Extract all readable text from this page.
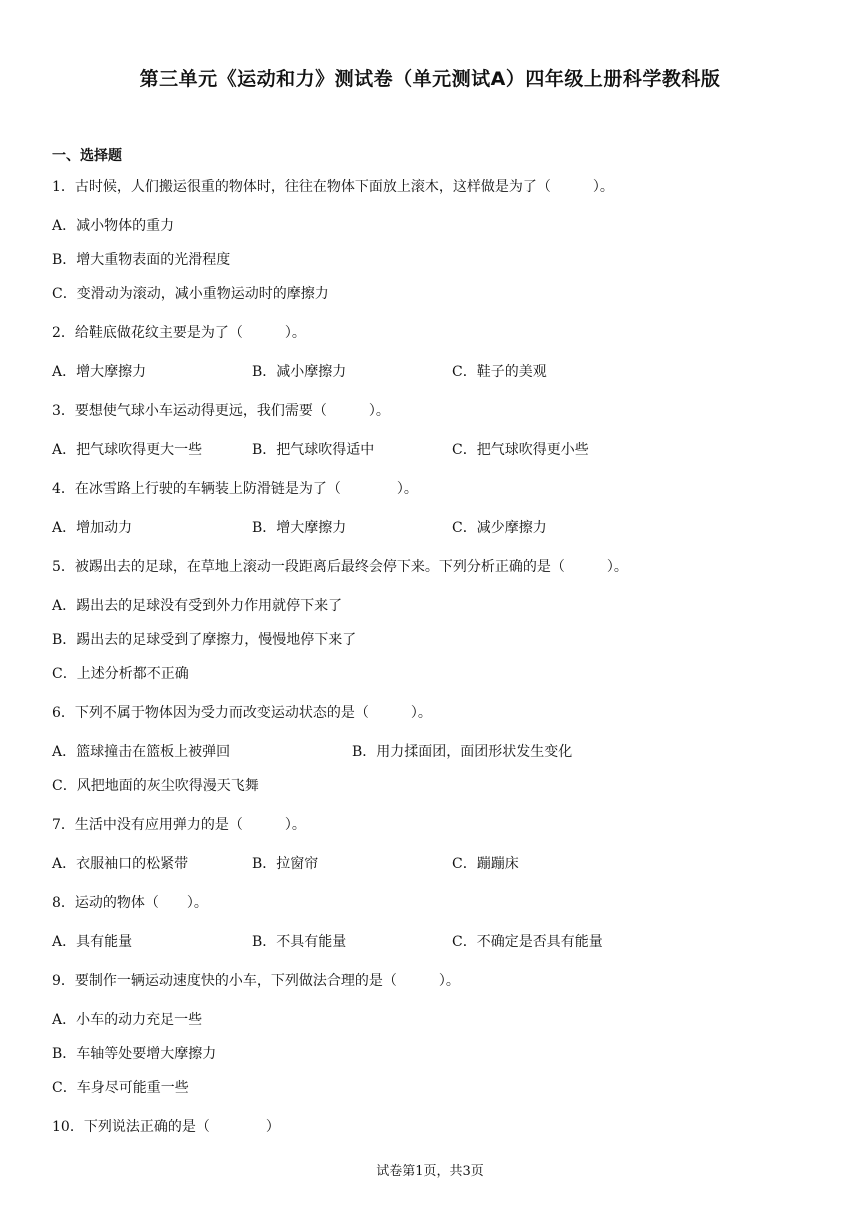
第三单元《运动和力》测试卷（单元测试A）四年级上册科学教科版
一、选择题
1．古时候，人们搬运很重的物体时，往往在物体下面放上滚木，这样做是为了（　　　）。
A．减小物体的重力
B．增大重物表面的光滑程度
C．变滑动为滚动，减小重物运动时的摩擦力
2．给鞋底做花纹主要是为了（　　　）。
A．增大摩擦力	B．减小摩擦力	C．鞋子的美观
3．要想使气球小车运动得更远，我们需要（　　　）。
A．把气球吹得更大一些	B．把气球吹得适中	C．把气球吹得更小些
4．在冰雪路上行驶的车辆装上防滑链是为了（　　　　）。
A．增加动力	B．增大摩擦力	C．减少摩擦力
5．被踢出去的足球，在草地上滚动一段距离后最终会停下来。下列分析正确的是（　　　）。
A．踢出去的足球没有受到外力作用就停下来了
B．踢出去的足球受到了摩擦力，慢慢地停下来了
C．上述分析都不正确
6．下列不属于物体因为受力而改变运动状态的是（　　　）。
A．篮球撞击在篮板上被弹回	B．用力揉面团，面团形状发生变化
C．风把地面的灰尘吹得漫天飞舞
7．生活中没有应用弹力的是（　　　）。
A．衣服袖口的松紧带	B．拉窗帘	C．蹦蹦床
8．运动的物体（　　）。
A．具有能量	B．不具有能量	C．不确定是否具有能量
9．要制作一辆运动速度快的小车，下列做法合理的是（　　　）。
A．小车的动力充足一些
B．车轴等处要增大摩擦力
C．车身尽可能重一些
10．下列说法正确的是（　　　　）
试卷第1页，共3页
